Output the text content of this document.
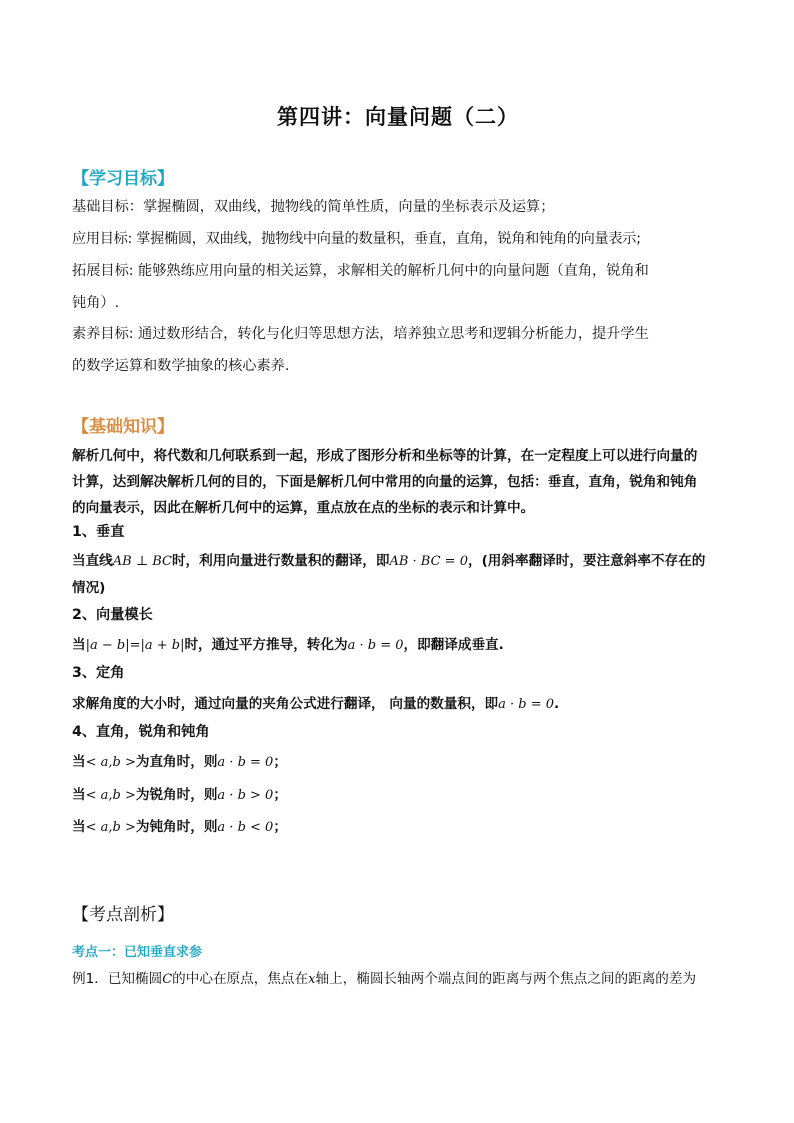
第四讲：向量问题（二）
【学习目标】
基础目标：掌握椭圆，双曲线，抛物线的简单性质，向量的坐标表示及运算；
应用目标: 掌握椭圆，双曲线，抛物线中向量的数量积，垂直，直角，锐角和钝角的向量表示;
拓展目标: 能够熟练应用向量的相关运算，求解相关的解析几何中的向量问题（直角，锐角和
钝角）.
素养目标: 通过数形结合，转化与化归等思想方法，培养独立思考和逻辑分析能力，提升学生
的数学运算和数学抽象的核心素养.
【基础知识】
解析几何中，将代数和几何联系到一起，形成了图形分析和坐标等的计算，在一定程度上可以进行向量的
计算，达到解决解析几何的目的，下面是解析几何中常用的向量的运算，包括：垂直，直角，锐角和钝角
的向量表示，因此在解析几何中的运算，重点放在点的坐标的表示和计算中。
1、垂直
当直线AB ⊥ BC时，利用向量进行数量积的翻译，即AB · BC = 0，(用斜率翻译时，要注意斜率不存在的
情况)
2、向量模长
当|a − b|=|a + b|时，通过平方推导，转化为a · b = 0，即翻译成垂直.
3、定角
求解角度的大小时，通过向量的夹角公式进行翻译， 向量的数量积，即a · b = 0.
4、直角，锐角和钝角
当< a,b >为直角时，则a · b = 0；
当< a,b >为锐角时，则a · b > 0；
当< a,b >为钝角时，则a · b < 0；
【考点剖析】
考点一：已知垂直求参
例1．已知椭圆C的中心在原点，焦点在x轴上，椭圆长轴两个端点间的距离与两个焦点之间的距离的差为
